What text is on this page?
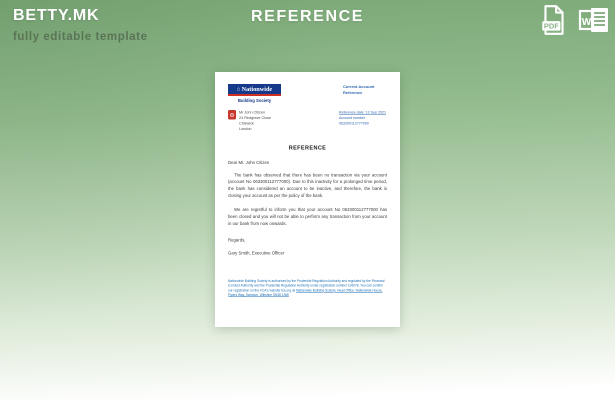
BETTY.MK
fully editable template
REFERENCE
PDF W
⌂ Nationwide
Building Society
Current Account
Reference
Mr John Citizen
24 Redgrave Close
Chiswick
London
Reference date: 13 Sep 2021
Account number 063300112777000
REFERENCE
Dear Mr. John Citizen
The bank has observed that there has been no transaction via your account (account No 063300112777000). Due to this inactivity for a prolonged time period, the bank has considered an account to be inactive, and therefore, the bank is closing your account as per the policy of the bank.
We are regretful to inform you that your account No 063300112777000 has been closed and you will not be able to perform any transaction from your account in our bank from now onwards.
Regards,
Gary Smith, Executive Officer
Nationwide Building Society is authorised by the Prudential Regulation Authority and regulated by the Financial Conduct Authority and the Prudential Regulation Authority under registration number 106078. You can confirm our registration on the FCA's website fca.org.uk Nationwide Building Society, Head Office: Nationwide House, Pipers Way, Swindon, Wiltshire SN38 1NW
